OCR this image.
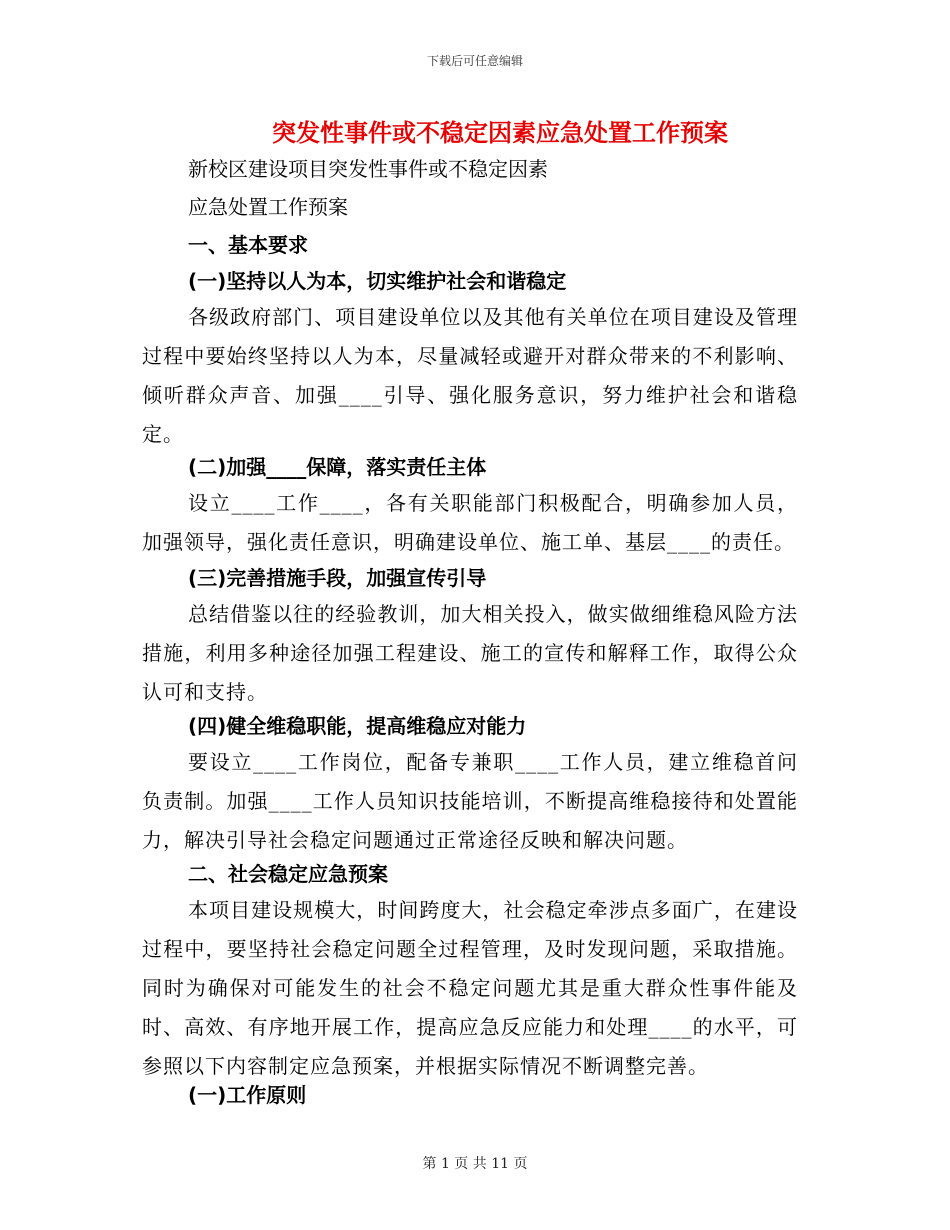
下载后可任意编辑
突发性事件或不稳定因素应急处置工作预案
新校区建设项目突发性事件或不稳定因素
应急处置工作预案
一、基本要求
(一)坚持以人为本，切实维护社会和谐稳定
各级政府部门、项目建设单位以及其他有关单位在项目建设及管理过程中要始终坚持以人为本，尽量减轻或避开对群众带来的不利影响、倾听群众声音、加强____引导、强化服务意识，努力维护社会和谐稳定。
(二)加强____保障，落实责任主体
设立____工作____，各有关职能部门积极配合，明确参加人员，加强领导，强化责任意识，明确建设单位、施工单、基层____的责任。
(三)完善措施手段，加强宣传引导
总结借鉴以往的经验教训，加大相关投入，做实做细维稳风险方法措施，利用多种途径加强工程建设、施工的宣传和解释工作，取得公众认可和支持。
(四)健全维稳职能，提高维稳应对能力
要设立____工作岗位，配备专兼职____工作人员，建立维稳首问负责制。加强____工作人员知识技能培训，不断提高维稳接待和处置能力，解决引导社会稳定问题通过正常途径反映和解决问题。
二、社会稳定应急预案
本项目建设规模大，时间跨度大，社会稳定牵涉点多面广，在建设过程中，要坚持社会稳定问题全过程管理，及时发现问题，采取措施。同时为确保对可能发生的社会不稳定问题尤其是重大群众性事件能及时、高效、有序地开展工作，提高应急反应能力和处理____的水平，可参照以下内容制定应急预案，并根据实际情况不断调整完善。
(一)工作原则
第 1 页 共 11 页
